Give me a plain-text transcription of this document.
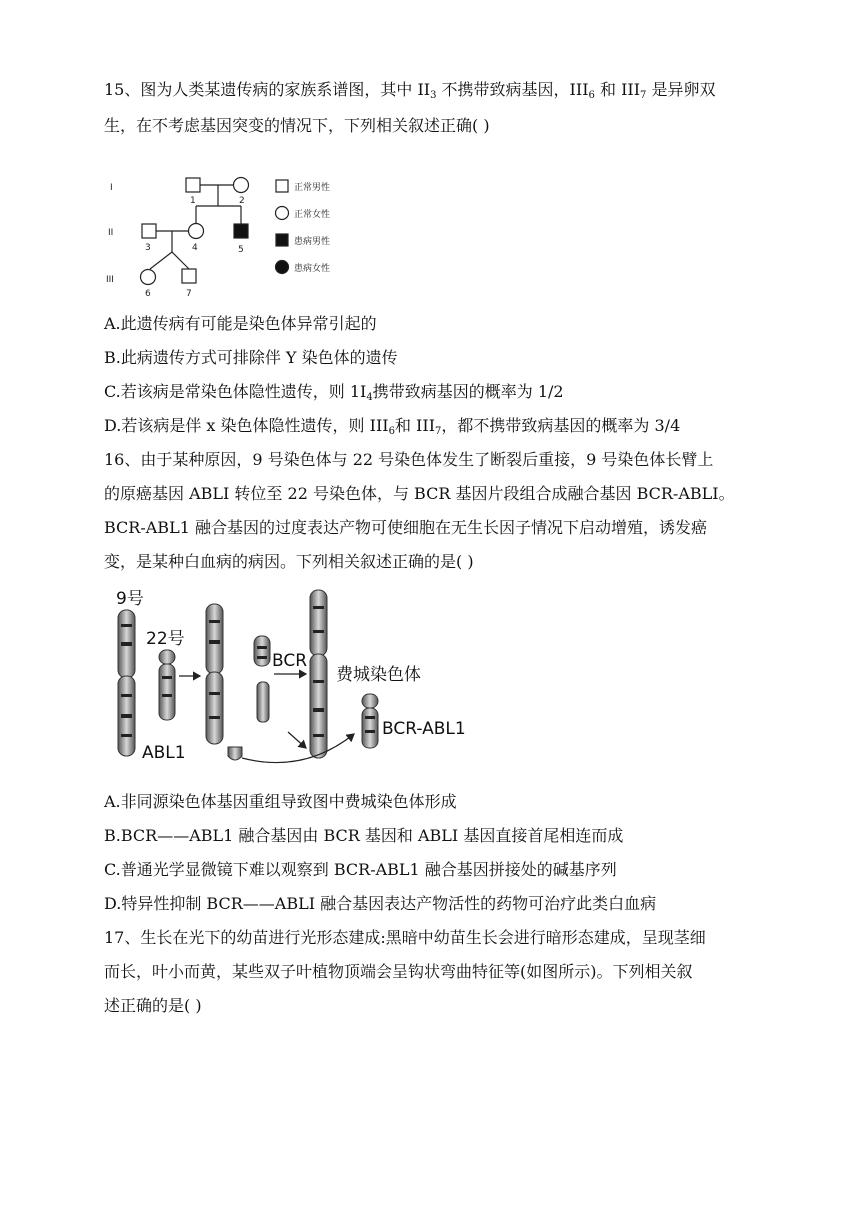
15、图为人类某遗传病的家族系谱图，其中 $II_3$ 不携带致病基因，$III_6$ 和 $III_7$ 是异卵双
生，在不考虑基因突变的情况下，下列相关叙述正确( )
I
II
III
1	2
3	4	5
6	7
正常男性
正常女性
患病男性
患病女性
A.此遗传病有可能是染色体异常引起的
B.此病遗传方式可排除伴 Y 染色体的遗传
C.若该病是常染色体隐性遗传，则 $1I_4$携带致病基因的概率为 1/2
D.若该病是伴 x 染色体隐性遗传，则 $III_6$和 $III_7$，都不携带致病基因的概率为 3/4
16、由于某种原因，9 号染色体与 22 号染色体发生了断裂后重接，9 号染色体长臂上
的原癌基因 ABLI 转位至 22 号染色体，与 BCR 基因片段组合成融合基因 BCR-ABLI。
BCR-ABL1 融合基因的过度表达产物可使细胞在无生长因子情况下启动增殖，诱发癌
变，是某种白血病的病因。下列相关叙述正确的是( )
9号
22号
BCR
ABL1
费城染色体
BCR-ABL1
A.非同源染色体基因重组导致图中费城染色体形成
B.BCR——ABL1 融合基因由 BCR 基因和 ABLI 基因直接首尾相连而成
C.普通光学显微镜下难以观察到 BCR-ABL1 融合基因拼接处的碱基序列
D.特异性抑制 BCR——ABLI 融合基因表达产物活性的药物可治疗此类白血病
17、生长在光下的幼苗进行光形态建成:黑暗中幼苗生长会进行暗形态建成，呈现茎细
而长，叶小而黄，某些双子叶植物顶端会呈钩状弯曲特征等(如图所示)。下列相关叙
述正确的是( )
